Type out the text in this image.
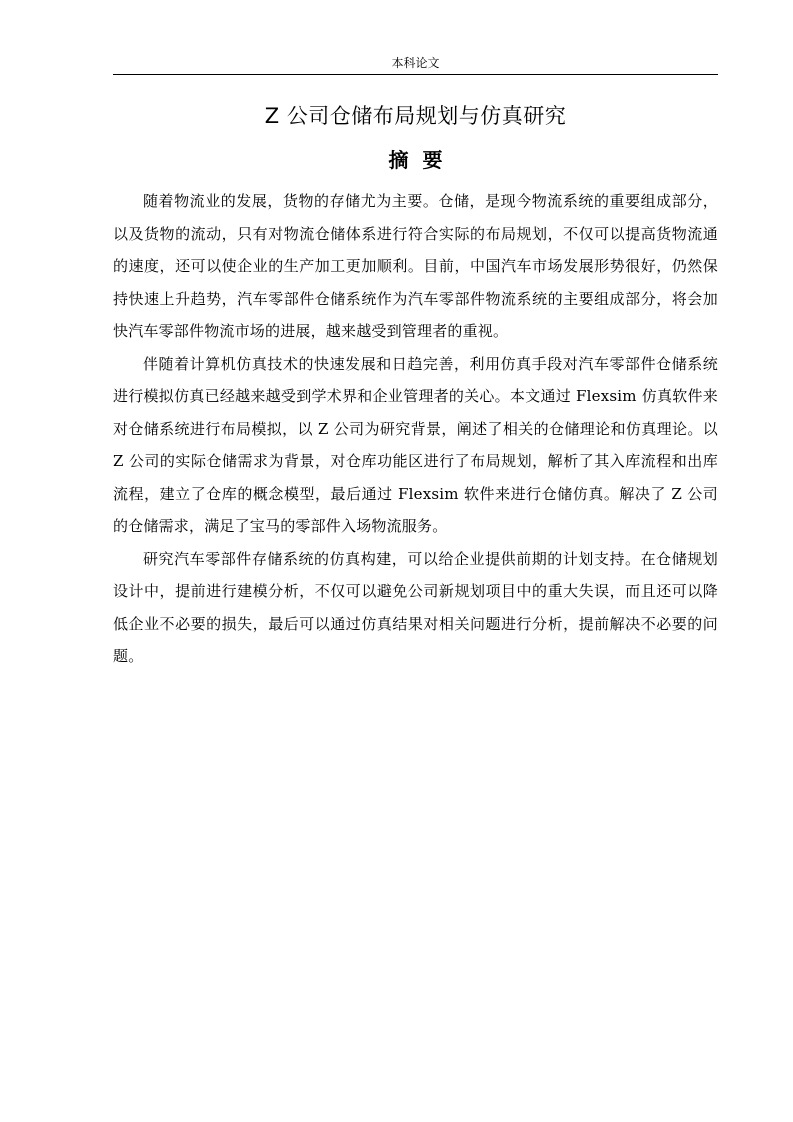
本科论文
Z 公司仓储布局规划与仿真研究
摘要

随着物流业的发展，货物的存储尤为主要。仓储，是现今物流系统的重要组成部分，以及货物的流动，只有对物流仓储体系进行符合实际的布局规划，不仅可以提高货物流通的速度，还可以使企业的生产加工更加顺利。目前，中国汽车市场发展形势很好，仍然保持快速上升趋势，汽车零部件仓储系统作为汽车零部件物流系统的主要组成部分，将会加快汽车零部件物流市场的进展，越来越受到管理者的重视。

伴随着计算机仿真技术的快速发展和日趋完善，利用仿真手段对汽车零部件仓储系统进行模拟仿真已经越来越受到学术界和企业管理者的关心。本文通过 Flexsim 仿真软件来对仓储系统进行布局模拟，以 Z 公司为研究背景，阐述了相关的仓储理论和仿真理论。以 Z 公司的实际仓储需求为背景，对仓库功能区进行了布局规划，解析了其入库流程和出库流程，建立了仓库的概念模型，最后通过 Flexsim 软件来进行仓储仿真。解决了 Z 公司的仓储需求，满足了宝马的零部件入场物流服务。

研究汽车零部件存储系统的仿真构建，可以给企业提供前期的计划支持。在仓储规划设计中，提前进行建模分析，不仅可以避免公司新规划项目中的重大失误，而且还可以降低企业不必要的损失，最后可以通过仿真结果对相关问题进行分析，提前解决不必要的问题。
